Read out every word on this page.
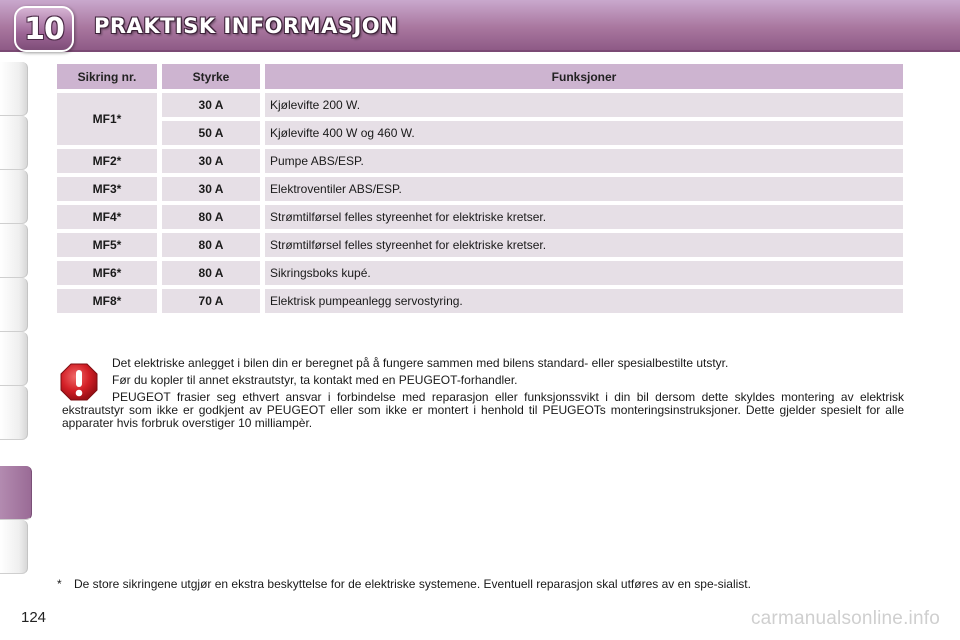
10 PRAKTISK INFORMASJON
Sikring nr.	Styrke	Funksjoner
MF1*
30 A	Kjølevifte 200 W.
50 A	Kjølevifte 400 W og 460 W.
MF2*	30 A	Pumpe ABS/ESP.
MF3*	30 A	Elektroventiler ABS/ESP.
MF4*	80 A	Strømtilførsel felles styreenhet for elektriske kretser.
MF5*	80 A	Strømtilførsel felles styreenhet for elektriske kretser.
MF6*	80 A	Sikringsboks kupé.
MF8*	70 A	Elektrisk pumpeanlegg servostyring.

Det elektriske anlegget i bilen din er beregnet på å fungere sammen med bilens standard- eller spesialbestilte utstyr.

Før du kopler til annet ekstrautstyr, ta kontakt med en PEUGEOT-forhandler.

PEUGEOT frasier seg ethvert ansvar i forbindelse med reparasjon eller funksjonssvikt i din bil dersom dette skyldes montering av elektrisk ekstrautstyr som ikke er godkjent av PEUGEOT eller som ikke er montert i henhold til PEUGEOTs monteringsinstruksjoner. Dette gjelder spesielt for alle apparater hvis forbruk overstiger 10 milliampèr.

*	De store sikringene utgjør en ekstra beskyttelse for de elektriske systemene. Eventuell reparasjon skal utføres av en spe-sialist.
124	carmanualsonline.info
